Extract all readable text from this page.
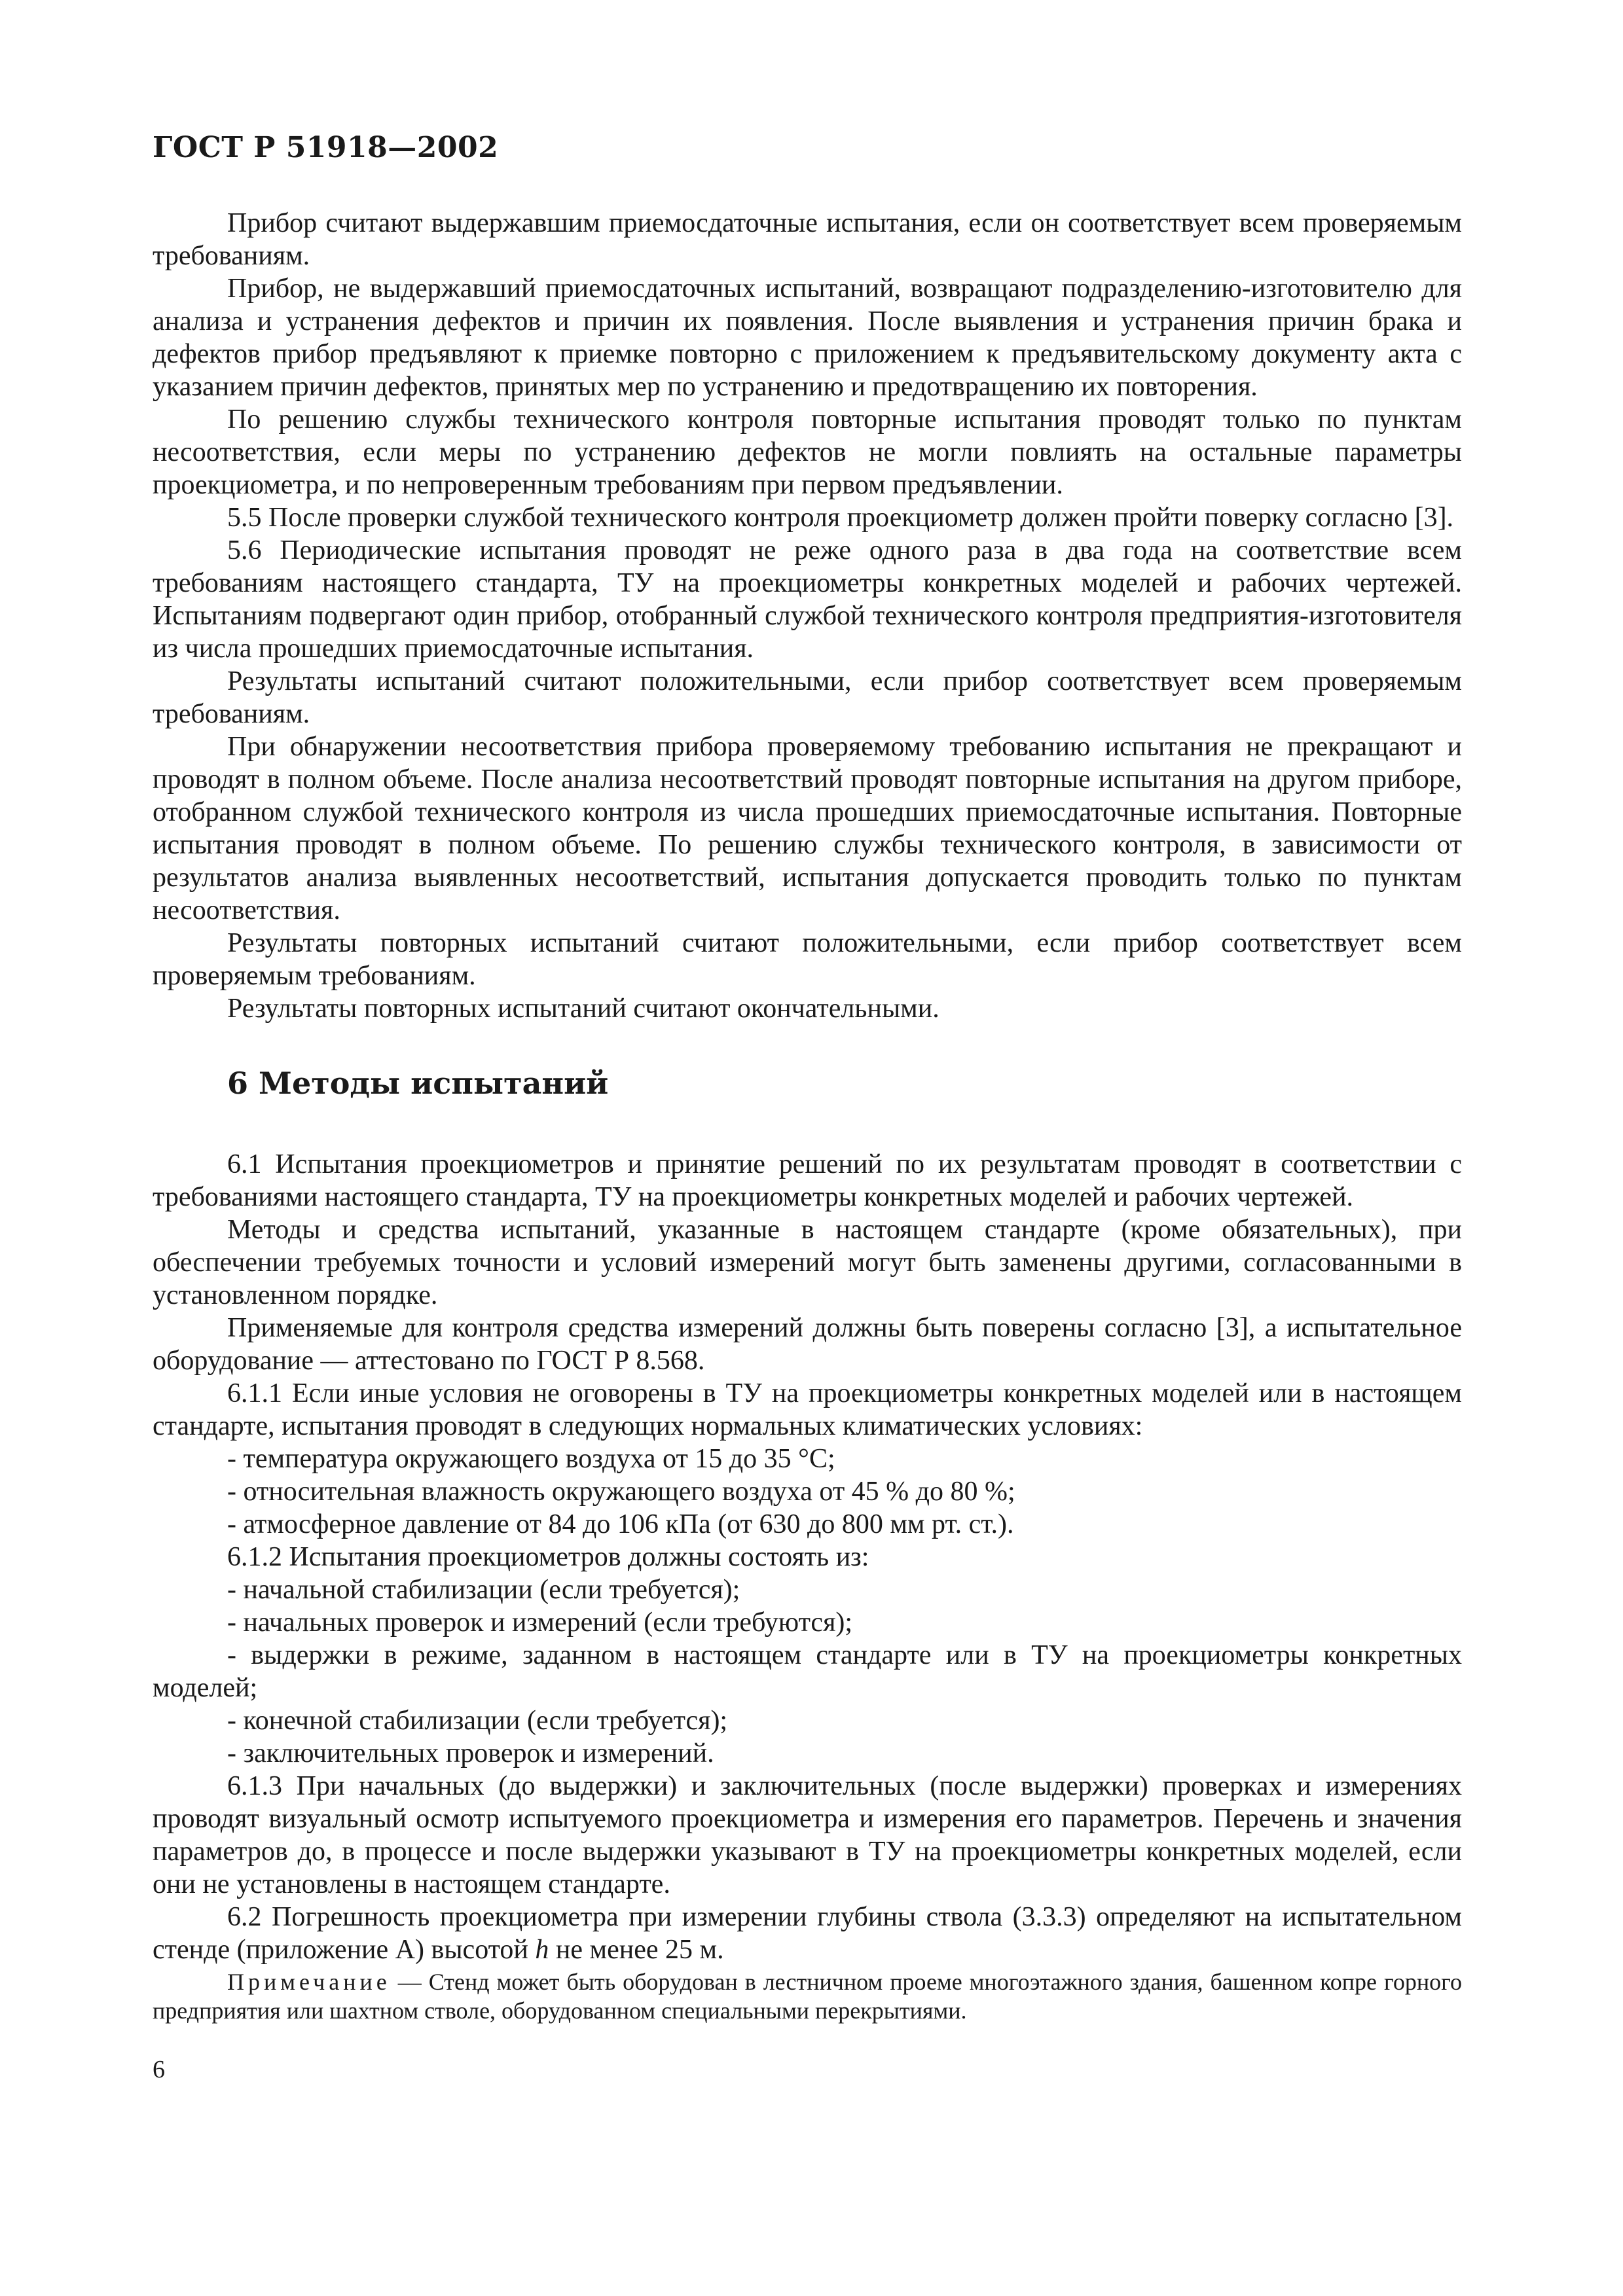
ГОСТ Р 51918—2002

Прибор считают выдержавшим приемосдаточные испытания, если он соответствует всем проверяемым требованиям.

Прибор, не выдержавший приемосдаточных испытаний, возвращают подразделению-изготовителю для анализа и устранения дефектов и причин их появления. После выявления и устранения причин брака и дефектов прибор предъявляют к приемке повторно с приложением к предъявительскому документу акта с указанием причин дефектов, принятых мер по устранению и предотвращению их повторения.

По решению службы технического контроля повторные испытания проводят только по пунктам несоответствия, если меры по устранению дефектов не могли повлиять на остальные параметры проекциометра, и по непроверенным требованиям при первом предъявлении.

5.5 После проверки службой технического контроля проекциометр должен пройти поверку согласно [3].

5.6 Периодические испытания проводят не реже одного раза в два года на соответствие всем требованиям настоящего стандарта, ТУ на проекциометры конкретных моделей и рабочих чертежей. Испытаниям подвергают один прибор, отобранный службой технического контроля предприятия-изготовителя из числа прошедших приемосдаточные испытания.

Результаты испытаний считают положительными, если прибор соответствует всем проверяемым требованиям.

При обнаружении несоответствия прибора проверяемому требованию испытания не прекращают и проводят в полном объеме. После анализа несоответствий проводят повторные испытания на другом приборе, отобранном службой технического контроля из числа прошедших приемосдаточные испытания. Повторные испытания проводят в полном объеме. По решению службы технического контроля, в зависимости от результатов анализа выявленных несоответствий, испытания допускается проводить только по пунктам несоответствия.

Результаты повторных испытаний считают положительными, если прибор соответствует всем проверяемым требованиям.

Результаты повторных испытаний считают окончательными.

6 Методы испытаний

6.1 Испытания проекциометров и принятие решений по их результатам проводят в соответствии с требованиями настоящего стандарта, ТУ на проекциометры конкретных моделей и рабочих чертежей.

Методы и средства испытаний, указанные в настоящем стандарте (кроме обязательных), при обеспечении требуемых точности и условий измерений могут быть заменены другими, согласованными в установленном порядке.

Применяемые для контроля средства измерений должны быть поверены согласно [3], а испытательное оборудование — аттестовано по ГОСТ Р 8.568.

6.1.1 Если иные условия не оговорены в ТУ на проекциометры конкретных моделей или в настоящем стандарте, испытания проводят в следующих нормальных климатических условиях:

- температура окружающего воздуха от 15 до 35 °С;

- относительная влажность окружающего воздуха от 45 % до 80 %;

- атмосферное давление от 84 до 106 кПа (от 630 до 800 мм рт. ст.).

6.1.2 Испытания проекциометров должны состоять из:

- начальной стабилизации (если требуется);

- начальных проверок и измерений (если требуются);

- выдержки в режиме, заданном в настоящем стандарте или в ТУ на проекциометры конкретных моделей;

- конечной стабилизации (если требуется);

- заключительных проверок и измерений.

6.1.3 При начальных (до выдержки) и заключительных (после выдержки) проверках и измерениях проводят визуальный осмотр испытуемого проекциометра и измерения его параметров. Перечень и значения параметров до, в процессе и после выдержки указывают в ТУ на проекциометры конкретных моделей, если они не установлены в настоящем стандарте.

6.2 Погрешность проекциометра при измерении глубины ствола (3.3.3) определяют на испытательном стенде (приложение А) высотой h не менее 25 м.

Примечание — Стенд может быть оборудован в лестничном проеме многоэтажного здания, башенном копре горного предприятия или шахтном стволе, оборудованном специальными перекрытиями.

6
